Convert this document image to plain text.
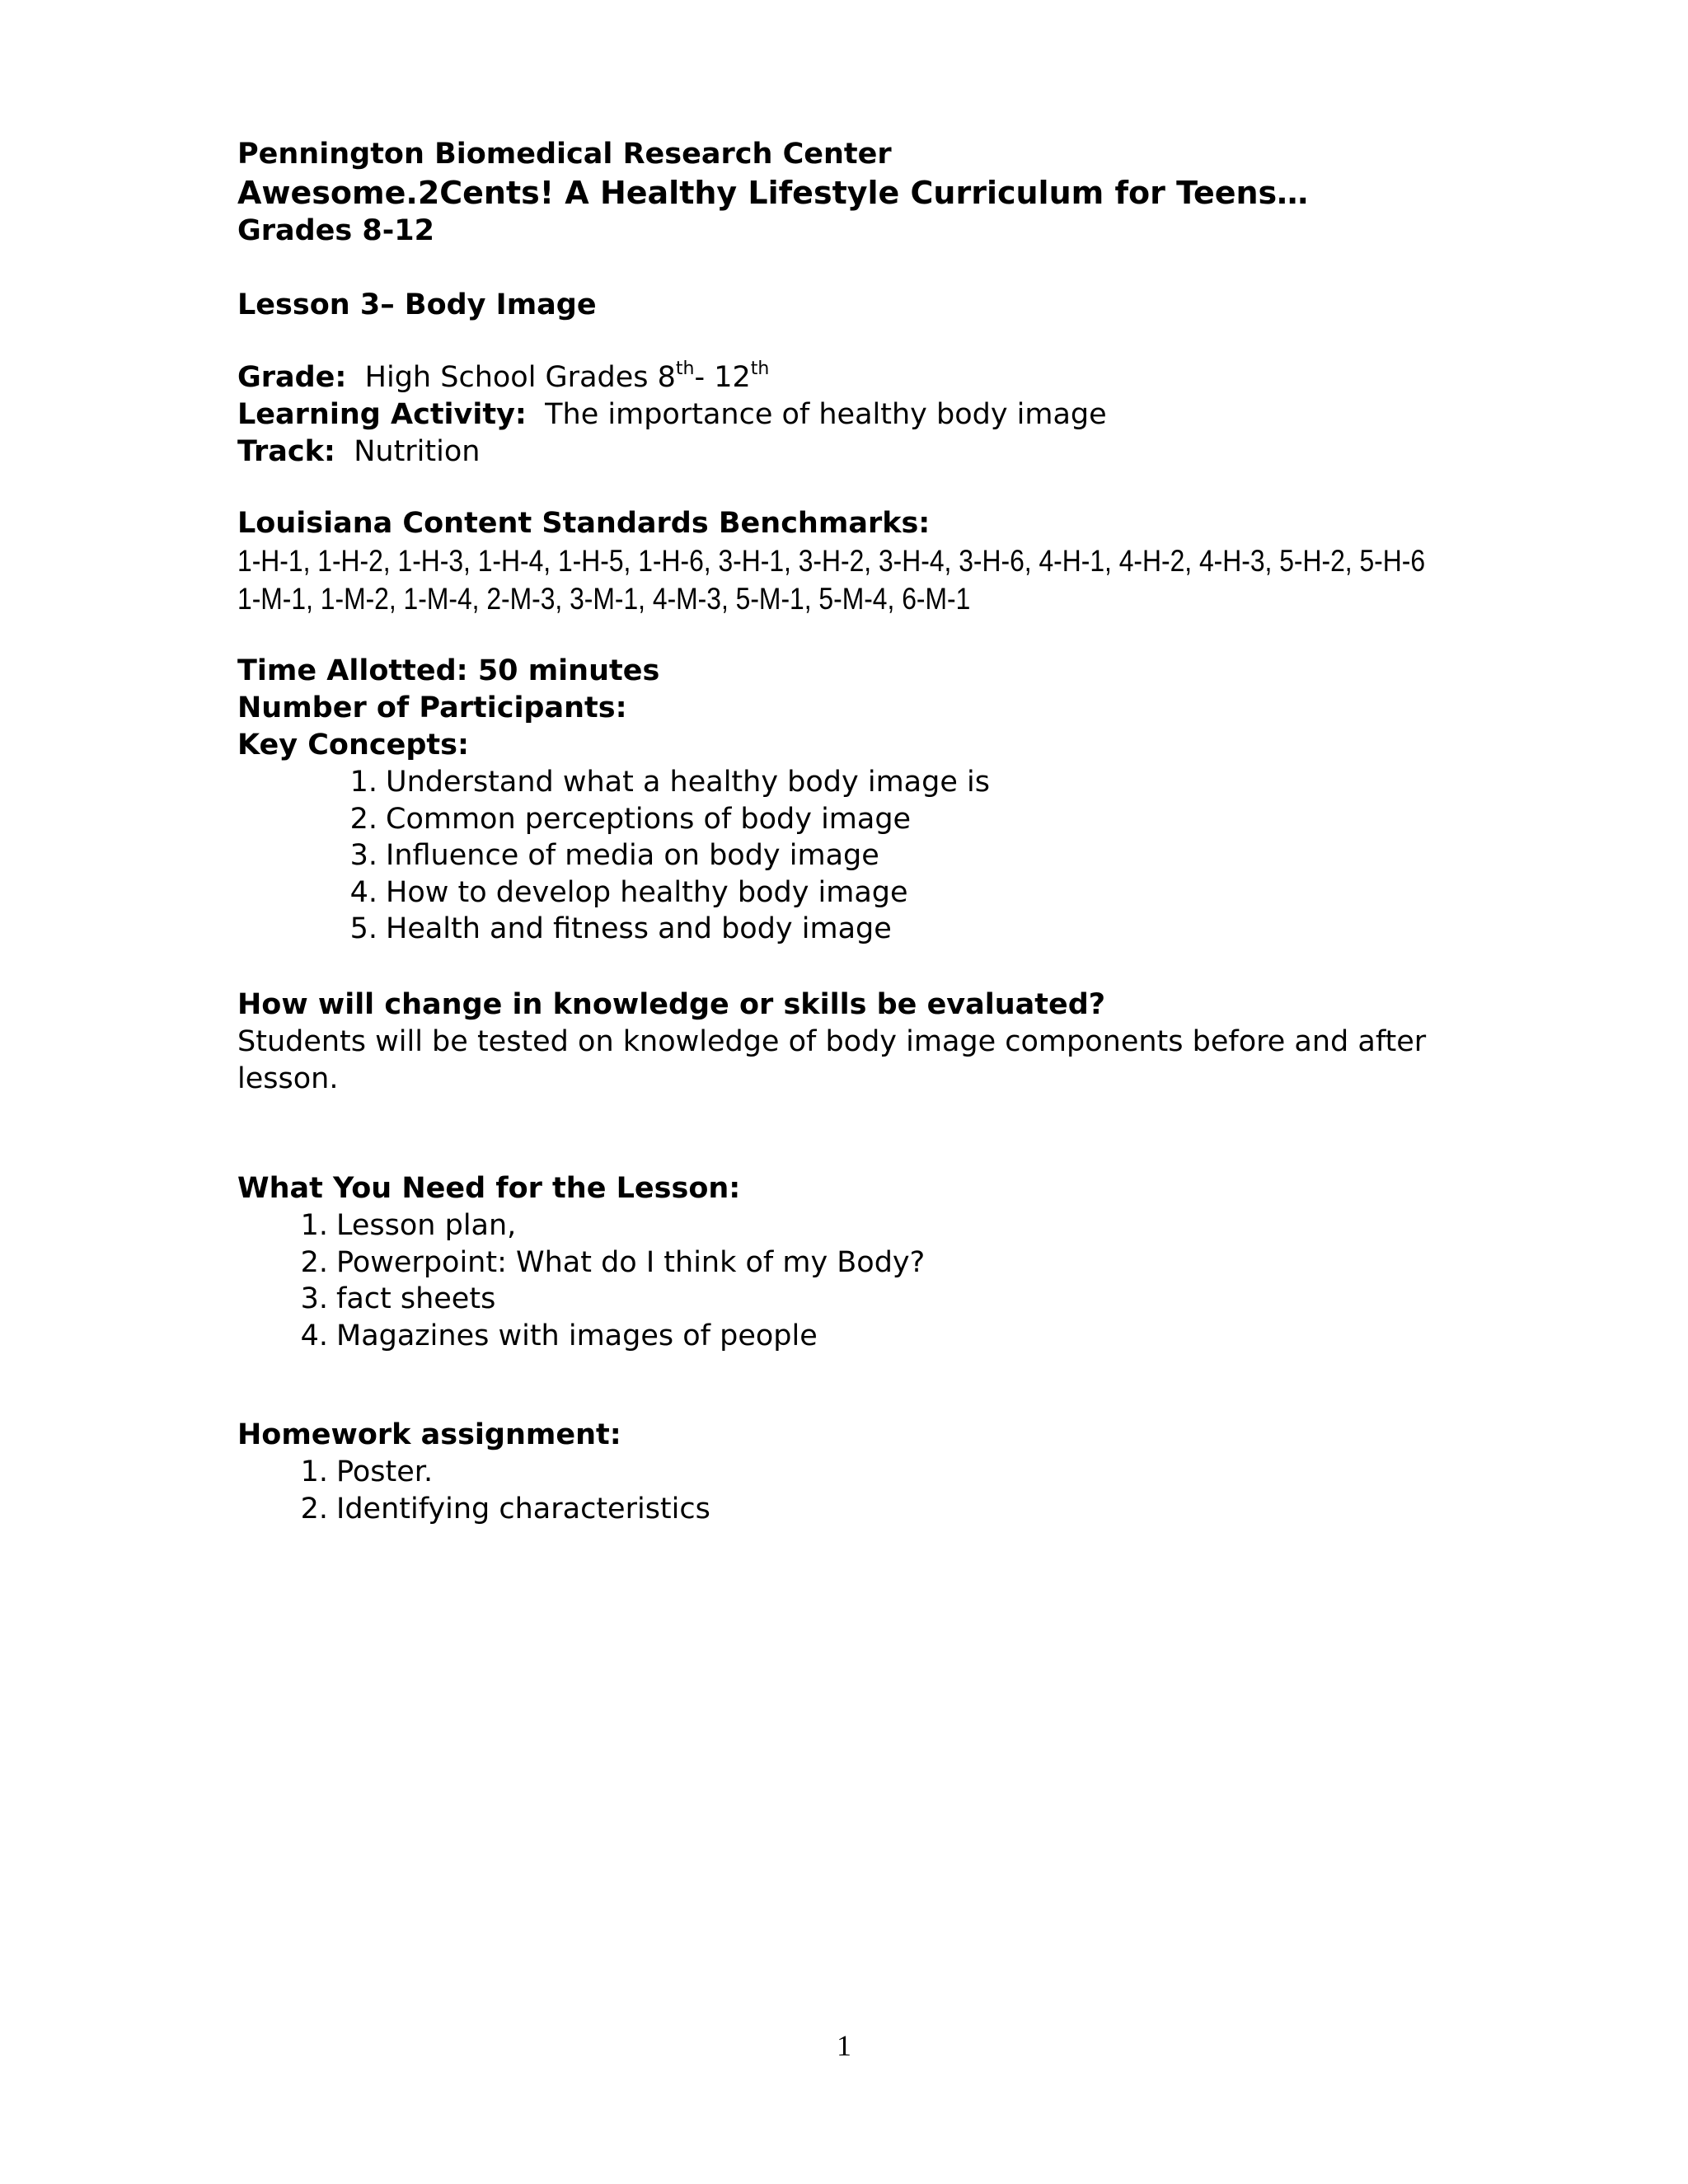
Pennington Biomedical Research Center
Awesome.2Cents! A Healthy Lifestyle Curriculum for Teens…
Grades 8-12
Lesson 3– Body Image
Grade: High School Grades 8th- 12th
Learning Activity: The importance of healthy body image
Track: Nutrition
Louisiana Content Standards Benchmarks:
1-H-1, 1-H-2, 1-H-3, 1-H-4, 1-H-5, 1-H-6, 3-H-1, 3-H-2, 3-H-4, 3-H-6, 4-H-1, 4-H-2, 4-H-3, 5-H-2, 5-H-6
1-M-1, 1-M-2, 1-M-4, 2-M-3, 3-M-1, 4-M-3, 5-M-1, 5-M-4, 6-M-1
Time Allotted: 50 minutes
Number of Participants:
Key Concepts:
1. Understand what a healthy body image is
2. Common perceptions of body image
3. Influence of media on body image
4. How to develop healthy body image
5. Health and fitness and body image
How will change in knowledge or skills be evaluated?
Students will be tested on knowledge of body image components before and after lesson.
What You Need for the Lesson:
1. Lesson plan,
2. Powerpoint: What do I think of my Body?
3. fact sheets
4. Magazines with images of people
Homework assignment:
1. Poster.
2. Identifying characteristics
1
